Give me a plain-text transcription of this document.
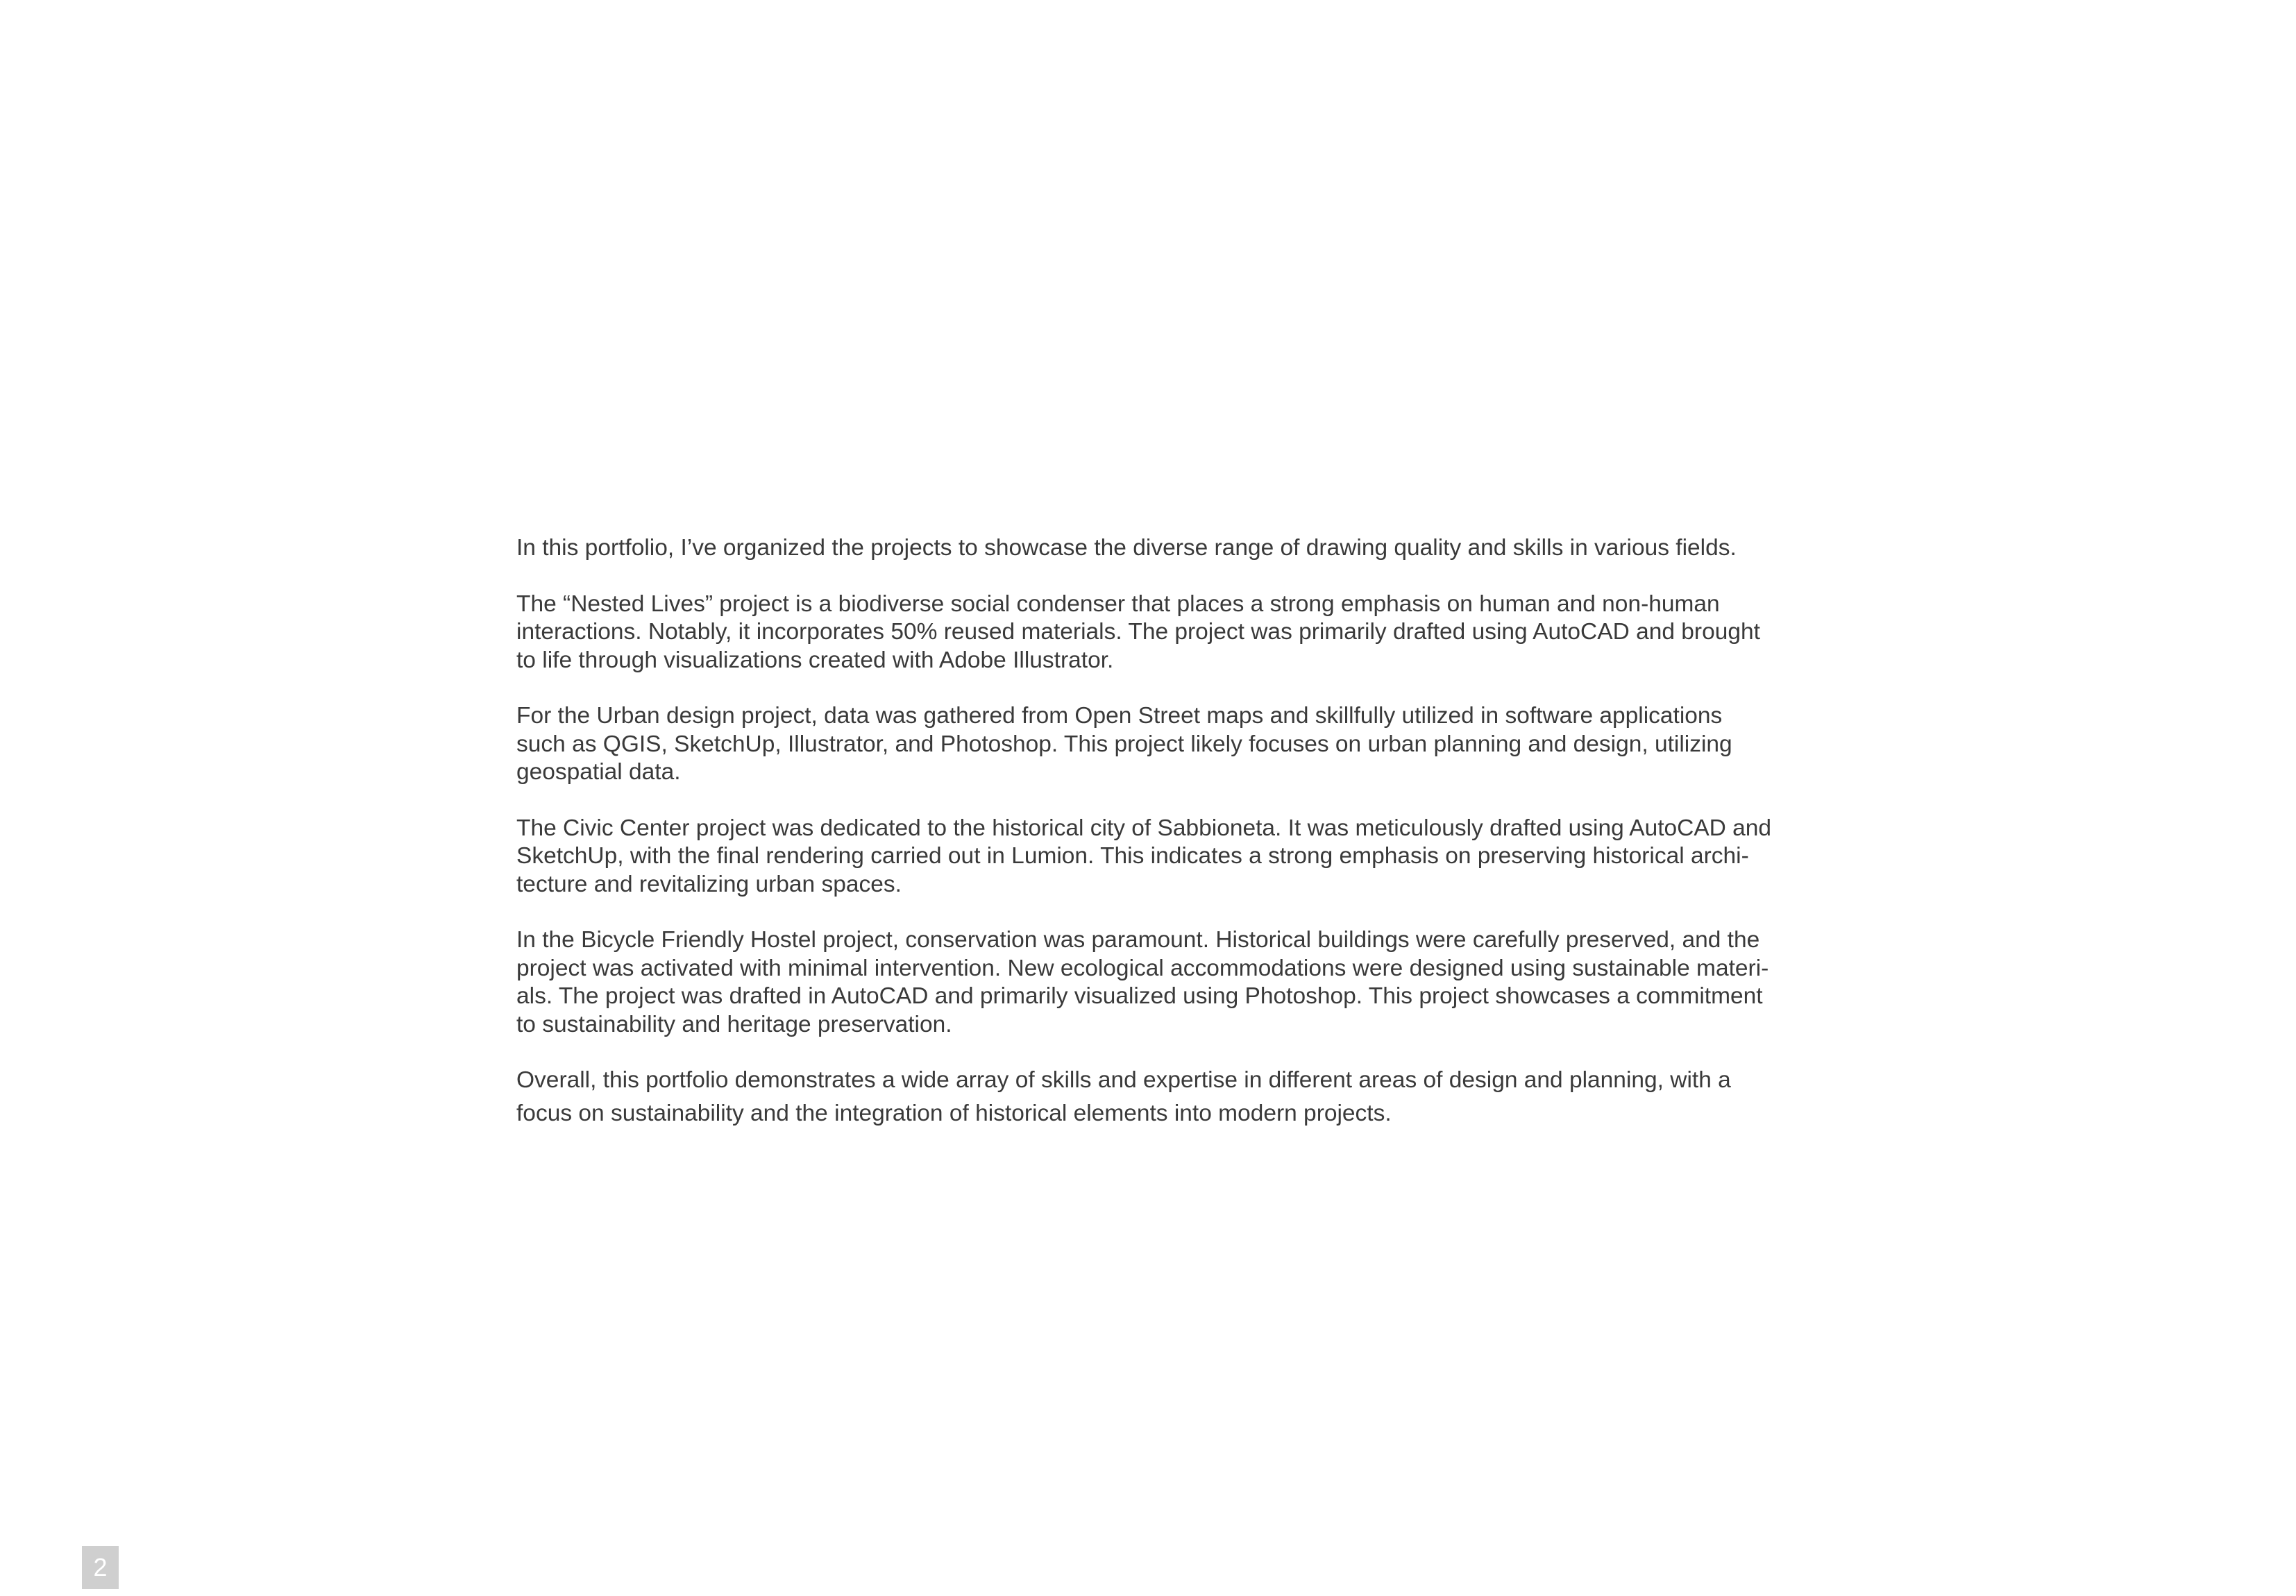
In this portfolio, I’ve organized the projects to showcase the diverse range of drawing quality and skills in various fields.

The “Nested Lives” project is a biodiverse social condenser that places a strong emphasis on human and non-human
interactions. Notably, it incorporates 50% reused materials. The project was primarily drafted using AutoCAD and brought
to life through visualizations created with Adobe Illustrator.

For the Urban design project, data was gathered from Open Street maps and skillfully utilized in software applications
such as QGIS, SketchUp, Illustrator, and Photoshop. This project likely focuses on urban planning and design, utilizing
geospatial data.

The Civic Center project was dedicated to the historical city of Sabbioneta. It was meticulously drafted using AutoCAD and
SketchUp, with the final rendering carried out in Lumion. This indicates a strong emphasis on preserving historical archi-
tecture and revitalizing urban spaces.

In the Bicycle Friendly Hostel project, conservation was paramount. Historical buildings were carefully preserved, and the
project was activated with minimal intervention. New ecological accommodations were designed using sustainable materi-
als. The project was drafted in AutoCAD and primarily visualized using Photoshop. This project showcases a commitment
to sustainability and heritage preservation.

Overall, this portfolio demonstrates a wide array of skills and expertise in different areas of design and planning, with a
focus on sustainability and the integration of historical elements into modern projects.

2
